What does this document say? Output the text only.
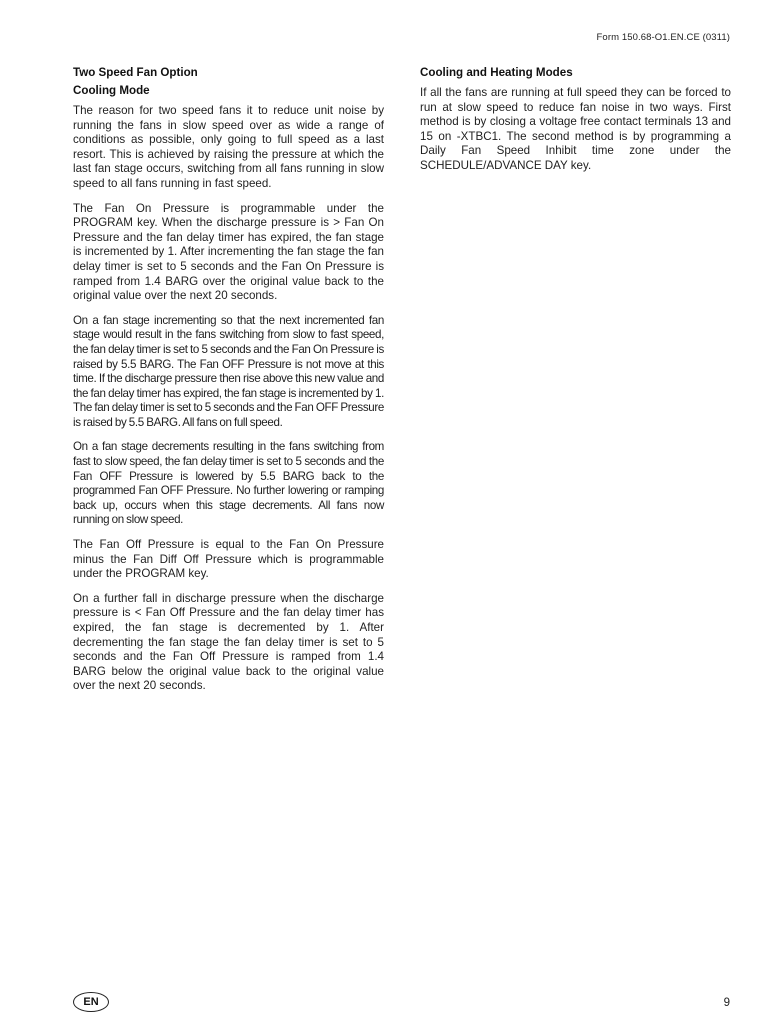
Form 150.68-O1.EN.CE (0311)
Two Speed Fan Option
Cooling Mode

The reason for two speed fans it to reduce unit noise by running the fans in slow speed over as wide a range of conditions as possible, only going to full speed as a last resort. This is achieved by raising the pressure at which the last fan stage occurs, switching from all fans running in slow speed to all fans running in fast speed.

The Fan On Pressure is programmable under the PROGRAM key. When the discharge pressure is > Fan On Pressure and the fan delay timer has expired, the fan stage is incremented by 1. After incrementing the fan stage the fan delay timer is set to 5 seconds and the Fan On Pressure is ramped from 1.4 BARG over the original value back to the original value over the next 20 seconds.

On a fan stage incrementing so that the next incremented fan stage would result in the fans switching from slow to fast speed, the fan delay timer is set to 5 seconds and the Fan On Pressure is raised by 5.5 BARG. The Fan OFF Pressure is not move at this time. If the discharge pressure then rise above this new value and the fan delay timer has expired, the fan stage is incremented by 1. The fan delay timer is set to 5 seconds and the Fan OFF Pressure is raised by 5.5 BARG. All fans on full speed.

On a fan stage decrements resulting in the fans switching from fast to slow speed, the fan delay timer is set to 5 seconds and the Fan OFF Pressure is lowered by 5.5 BARG back to the programmed Fan OFF Pressure. No further lowering or ramping back up, occurs when this stage decrements. All fans now running on slow speed.

The Fan Off Pressure is equal to the Fan On Pressure minus the Fan Diff Off Pressure which is programmable under the PROGRAM key.

On a further fall in discharge pressure when the discharge pressure is < Fan Off Pressure and the fan delay timer has expired, the fan stage is decremented by 1. After decrementing the fan stage the fan delay timer is set to 5 seconds and the Fan Off Pressure is ramped from 1.4 BARG below the original value back to the original value over the next 20 seconds.

Cooling and Heating Modes

If all the fans are running at full speed they can be forced to run at slow speed to reduce fan noise in two ways. First method is by closing a voltage free contact terminals 13 and 15 on -XTBC1. The second method is by programming a Daily Fan Speed Inhibit time zone under the SCHEDULE/ADVANCE DAY key.

EN	9
